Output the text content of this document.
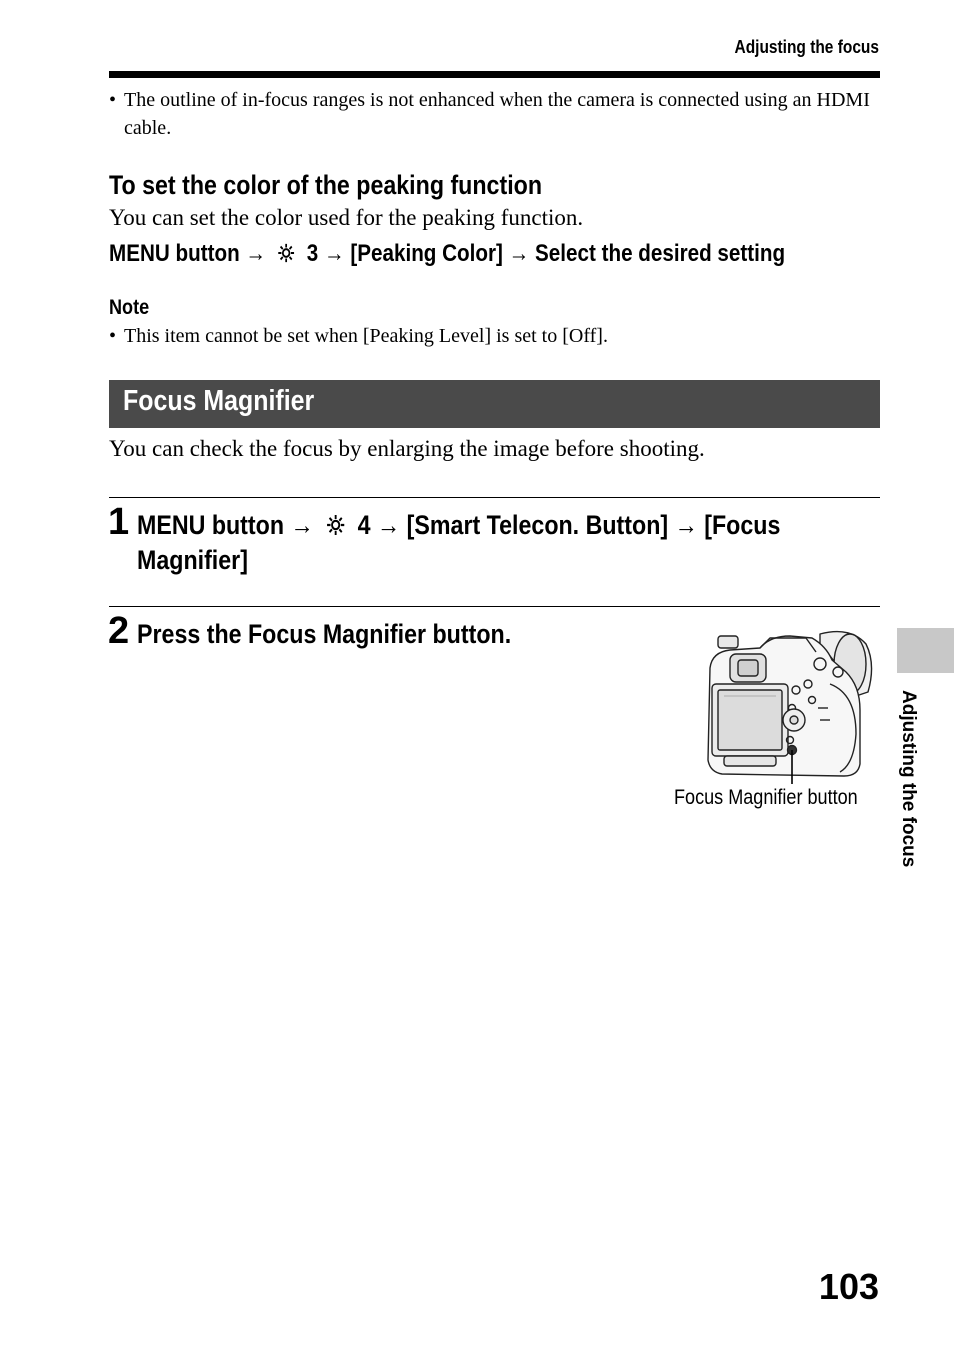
Adjusting the focus
• The outline of in-focus ranges is not enhanced when the camera is connected using an HDMI cable.
To set the color of the peaking function
You can set the color used for the peaking function.
MENU button → 3 → [Peaking Color] → Select the desired setting
Note
• This item cannot be set when [Peaking Level] is set to [Off].
Focus Magnifier
You can check the focus by enlarging the image before shooting.
1 MENU button → 4 → [Smart Telecon. Button] → [Focus
Magnifier]
2 Press the Focus Magnifier button.
Focus Magnifier button	Adjusting the focus
103
